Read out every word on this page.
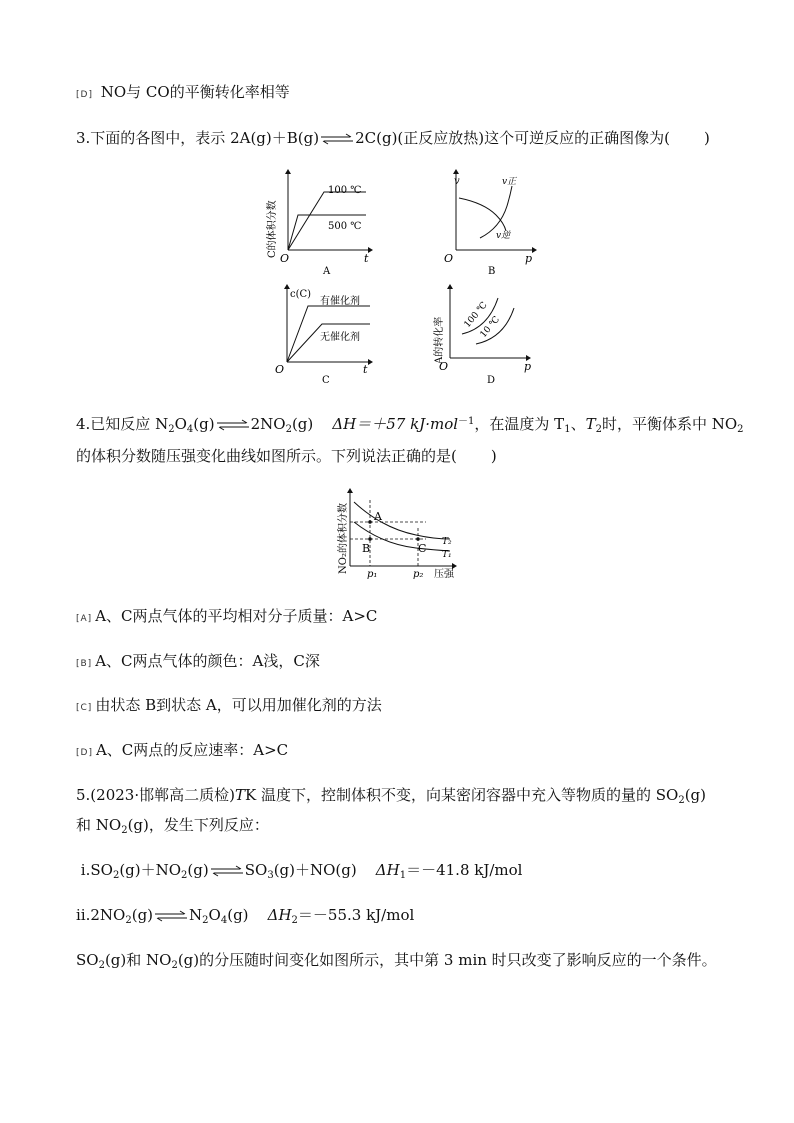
[D] NO与 CO的平衡转化率相等
3.下面的各图中，表示 2A(g)＋B(g)⇌2C(g)(正反应放热)这个可逆反应的正确图像为( )
O	t
100 ℃
500 ℃
C的体积分数
A
v
O	p
v正
v逆
B
c(C)
O	t
有催化剂
无催化剂
C
A的转化率
O	p
100 ℃
10 ℃
D
4.已知反应 $N_2O_4(g)\rightleftharpoons 2NO_2(g)$    ΔH＝＋57 kJ·mol$^{-1}$，在温度为 $T_1$、$T_2$时，平衡体系中 $NO_2$
的体积分数随压强变化曲线如图所示。下列说法正确的是( )
A
B	C T₂
T₁
p₁	p₂ 压强
NO₂的体积分数
[A] A、C两点气体的平均相对分子质量：A>C
[B] A、C两点气体的颜色：A浅，C深
[C] 由状态 B到状态 A，可以用加催化剂的方法
[D] A、C两点的反应速率：A>C
5.(2023·邯郸高二质检)TK 温度下，控制体积不变，向某密闭容器中充入等物质的量的 $SO_2(g)$
和 $NO_2(g)$，发生下列反应：
$ⅰ.SO_2(g)+NO_2(g)\rightleftharpoons SO_3(g)+NO(g)$    $\Delta H_1=-41.8$ kJ/mol
$ⅱ.2NO_2(g)\rightleftharpoons N_2O_4(g)$    $\Delta H_2=-55.3$ kJ/mol
$SO_2(g)$和 $NO_2(g)$的分压随时间变化如图所示，其中第 3 min 时只改变了影响反应的一个条件。
